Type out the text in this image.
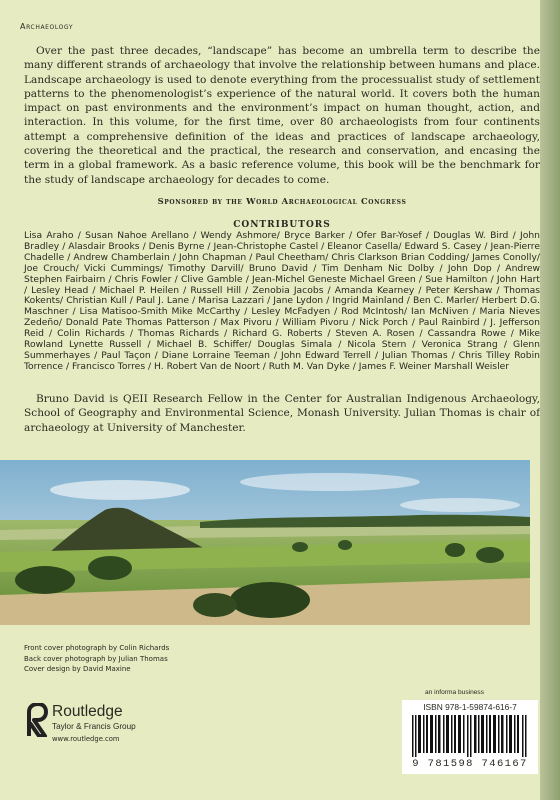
Archaeology
Over the past three decades, “landscape” has become an umbrella term to describe the many different strands of archaeology that involve the relationship between humans and place. Landscape archaeology is used to denote everything from the processualist study of settlement patterns to the phenomenologist’s experience of the natural world. It covers both the human impact on past environments and the environment’s impact on human thought, action, and interaction. In this volume, for the first time, over 80 archaeologists from four continents attempt a comprehensive definition of the ideas and practices of landscape archaeology, covering the theoretical and the practical, the research and conservation, and encasing the term in a global framework. As a basic reference volume, this book will be the benchmark for the study of landscape archaeology for decades to come.
Sponsored by the World Archaeological Congress
CONTRIBUTORS
Lisa Araho / Susan Nahoe Arellano / Wendy Ashmore/ Bryce Barker / Ofer Bar-Yosef / Douglas W. Bird / John Bradley / Alasdair Brooks / Denis Byrne / Jean-Christophe Castel / Eleanor Casella/ Edward S. Casey / Jean-Pierre Chadelle / Andrew Chamberlain / John Chapman / Paul Cheetham/ Chris Clarkson Brian Codding/ James Conolly/ Joe Crouch/ Vicki Cummings/ Timothy Darvill/ Bruno David / Tim Denham Nic Dolby / John Dop / Andrew Stephen Fairbairn / Chris Fowler / Clive Gamble / Jean-Michel Geneste Michael Green / Sue Hamilton / John Hart / Lesley Head / Michael P. Heilen / Russell Hill / Zenobia Jacobs / Amanda Kearney / Peter Kershaw / Thomas Kokents/ Christian Kull / Paul J. Lane / Marisa Lazzari / Jane Lydon / Ingrid Mainland / Ben C. Marler/ Herbert D.G. Maschner / Lisa Matisoo-Smith Mike McCarthy / Lesley McFadyen / Rod McIntosh/ Ian McNiven / Maria Nieves Zedeño/ Donald Pate Thomas Patterson / Max Pivoru / William Pivoru / Nick Porch / Paul Rainbird / J. Jefferson Reid / Colin Richards / Thomas Richards / Richard G. Roberts / Steven A. Rosen / Cassandra Rowe / Mike Rowland Lynette Russell / Michael B. Schiffer/ Douglas Simala / Nicola Stern / Veronica Strang / Glenn Summerhayes / Paul Taçon / Diane Lorraine Teeman / John Edward Terrell / Julian Thomas / Chris Tilley Robin Torrence / Francisco Torres / H. Robert Van de Noort / Ruth M. Van Dyke / James F. Weiner Marshall Weisler
Bruno David is QEII Research Fellow in the Center for Australian Indigenous Archaeology, School of Geography and Environmental Science, Monash University. Julian Thomas is chair of archaeology at University of Manchester.
Front cover photograph by Colin Richards
Back cover photograph by Julian Thomas
Cover design by David Maxine
Routledge
Taylor & Francis Group
www.routledge.com
an informa business
ISBN 978-1-59874-616-7
9 781598 746167
